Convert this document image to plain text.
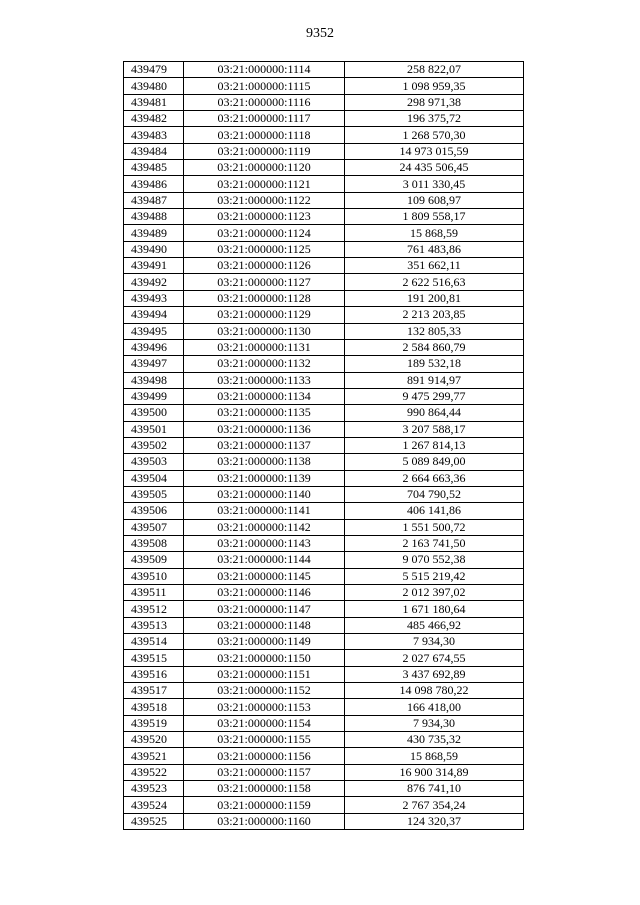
9352
439479	03:21:000000:1114	258 822,07
439480	03:21:000000:1115	1 098 959,35
439481	03:21:000000:1116	298 971,38
439482	03:21:000000:1117	196 375,72
439483	03:21:000000:1118	1 268 570,30
439484	03:21:000000:1119	14 973 015,59
439485	03:21:000000:1120	24 435 506,45
439486	03:21:000000:1121	3 011 330,45
439487	03:21:000000:1122	109 608,97
439488	03:21:000000:1123	1 809 558,17
439489	03:21:000000:1124	15 868,59
439490	03:21:000000:1125	761 483,86
439491	03:21:000000:1126	351 662,11
439492	03:21:000000:1127	2 622 516,63
439493	03:21:000000:1128	191 200,81
439494	03:21:000000:1129	2 213 203,85
439495	03:21:000000:1130	132 805,33
439496	03:21:000000:1131	2 584 860,79
439497	03:21:000000:1132	189 532,18
439498	03:21:000000:1133	891 914,97
439499	03:21:000000:1134	9 475 299,77
439500	03:21:000000:1135	990 864,44
439501	03:21:000000:1136	3 207 588,17
439502	03:21:000000:1137	1 267 814,13
439503	03:21:000000:1138	5 089 849,00
439504	03:21:000000:1139	2 664 663,36
439505	03:21:000000:1140	704 790,52
439506	03:21:000000:1141	406 141,86
439507	03:21:000000:1142	1 551 500,72
439508	03:21:000000:1143	2 163 741,50
439509	03:21:000000:1144	9 070 552,38
439510	03:21:000000:1145	5 515 219,42
439511	03:21:000000:1146	2 012 397,02
439512	03:21:000000:1147	1 671 180,64
439513	03:21:000000:1148	485 466,92
439514	03:21:000000:1149	7 934,30
439515	03:21:000000:1150	2 027 674,55
439516	03:21:000000:1151	3 437 692,89
439517	03:21:000000:1152	14 098 780,22
439518	03:21:000000:1153	166 418,00
439519	03:21:000000:1154	7 934,30
439520	03:21:000000:1155	430 735,32
439521	03:21:000000:1156	15 868,59
439522	03:21:000000:1157	16 900 314,89
439523	03:21:000000:1158	876 741,10
439524	03:21:000000:1159	2 767 354,24
439525	03:21:000000:1160	124 320,37
